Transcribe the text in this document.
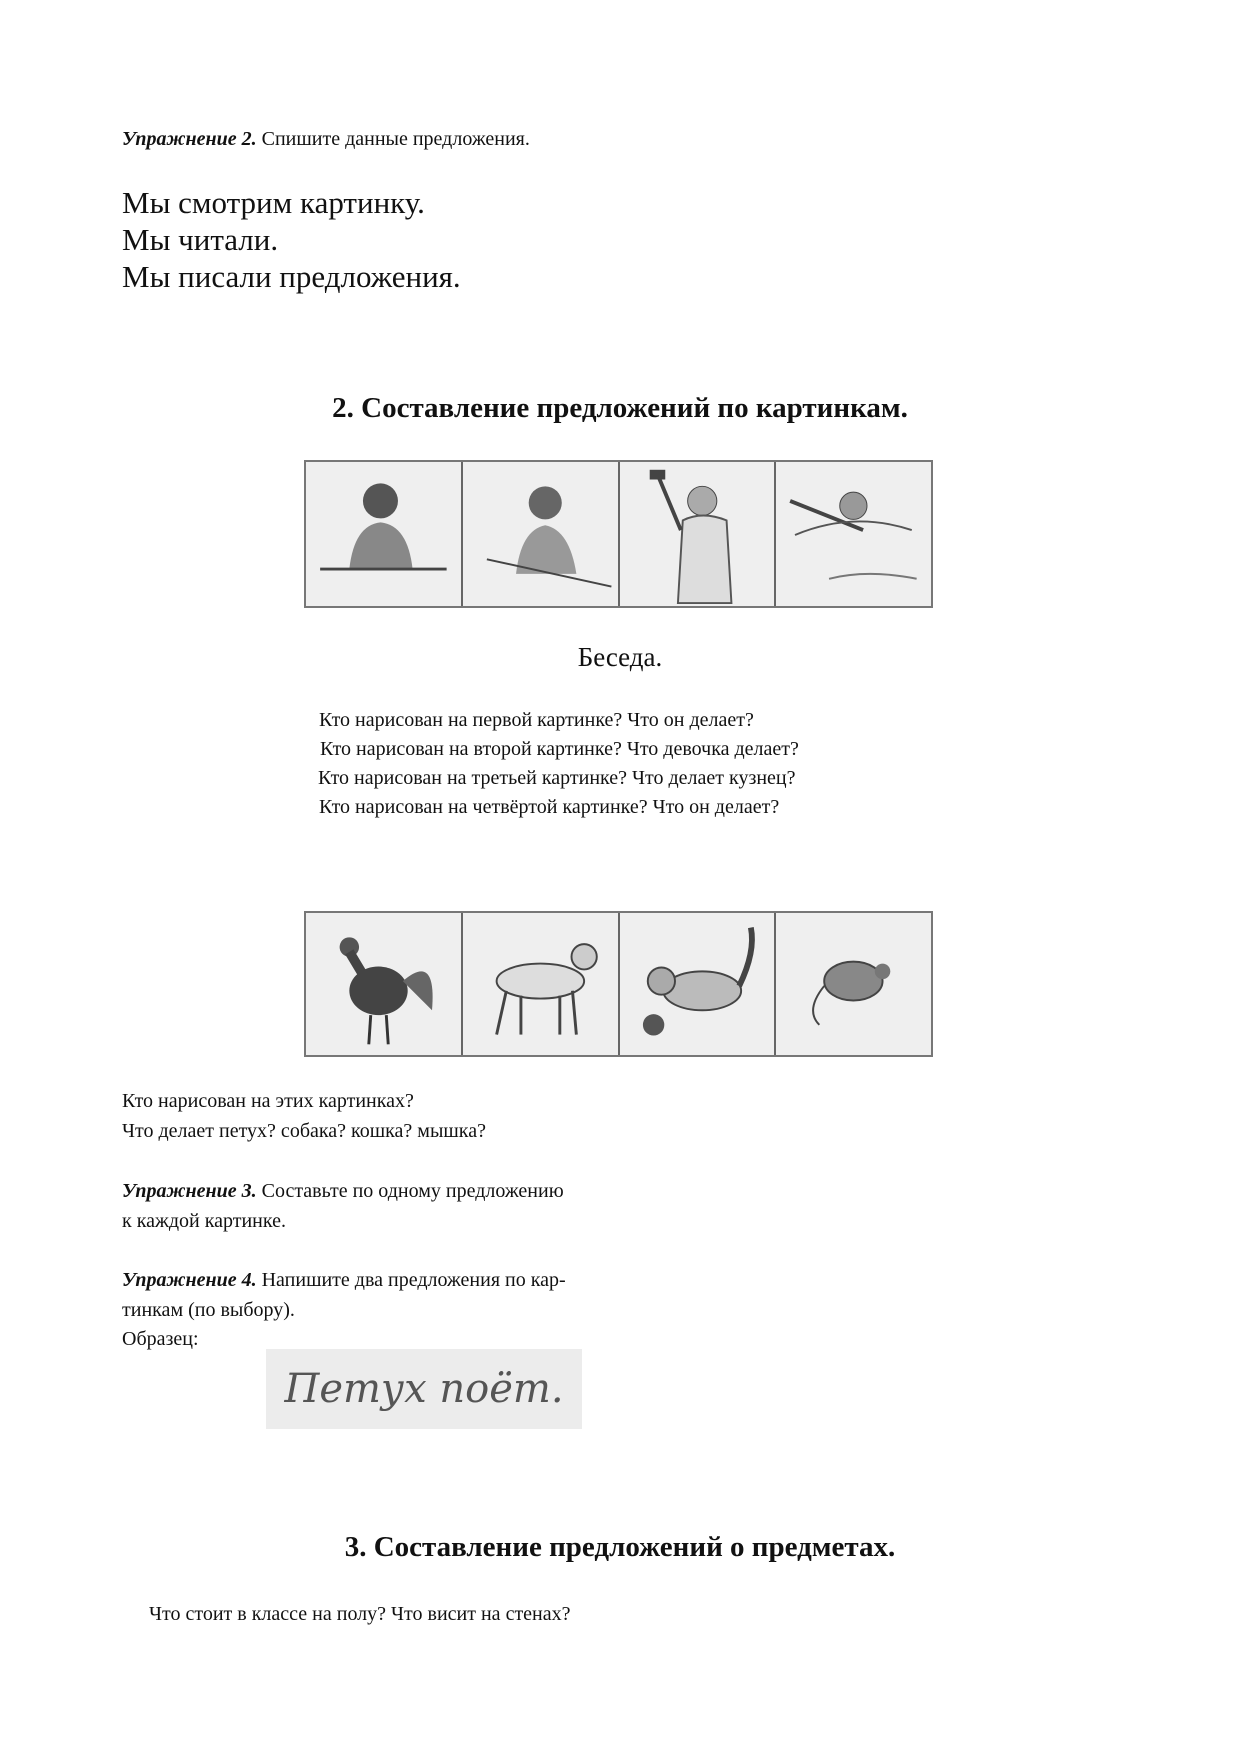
Упражнение 2. Спишите данные предложения.
Мы смотрим картинку.
Мы читали.
Мы писали предложения.
2. Составление предложений по картинкам.
Беседа.
Кто нарисован на первой картинке? Что он делает?
Кто нарисован на второй картинке? Что девочка делает?
Кто нарисован на третьей картинке? Что делает кузнец?
Кто нарисован на четвёртой картинке? Что он делает?
Кто нарисован на этих картинках?
Что делает петух? собака? кошка? мышка?
Упражнение 3. Составьте по одному предложению
к каждой картинке.
Упражнение 4. Напишите два предложения по кар-
тинкам (по выбору).
Образец:
Петух поёт.
3. Составление предложений о предметах.
Что стоит в классе на полу? Что висит на стенах?
